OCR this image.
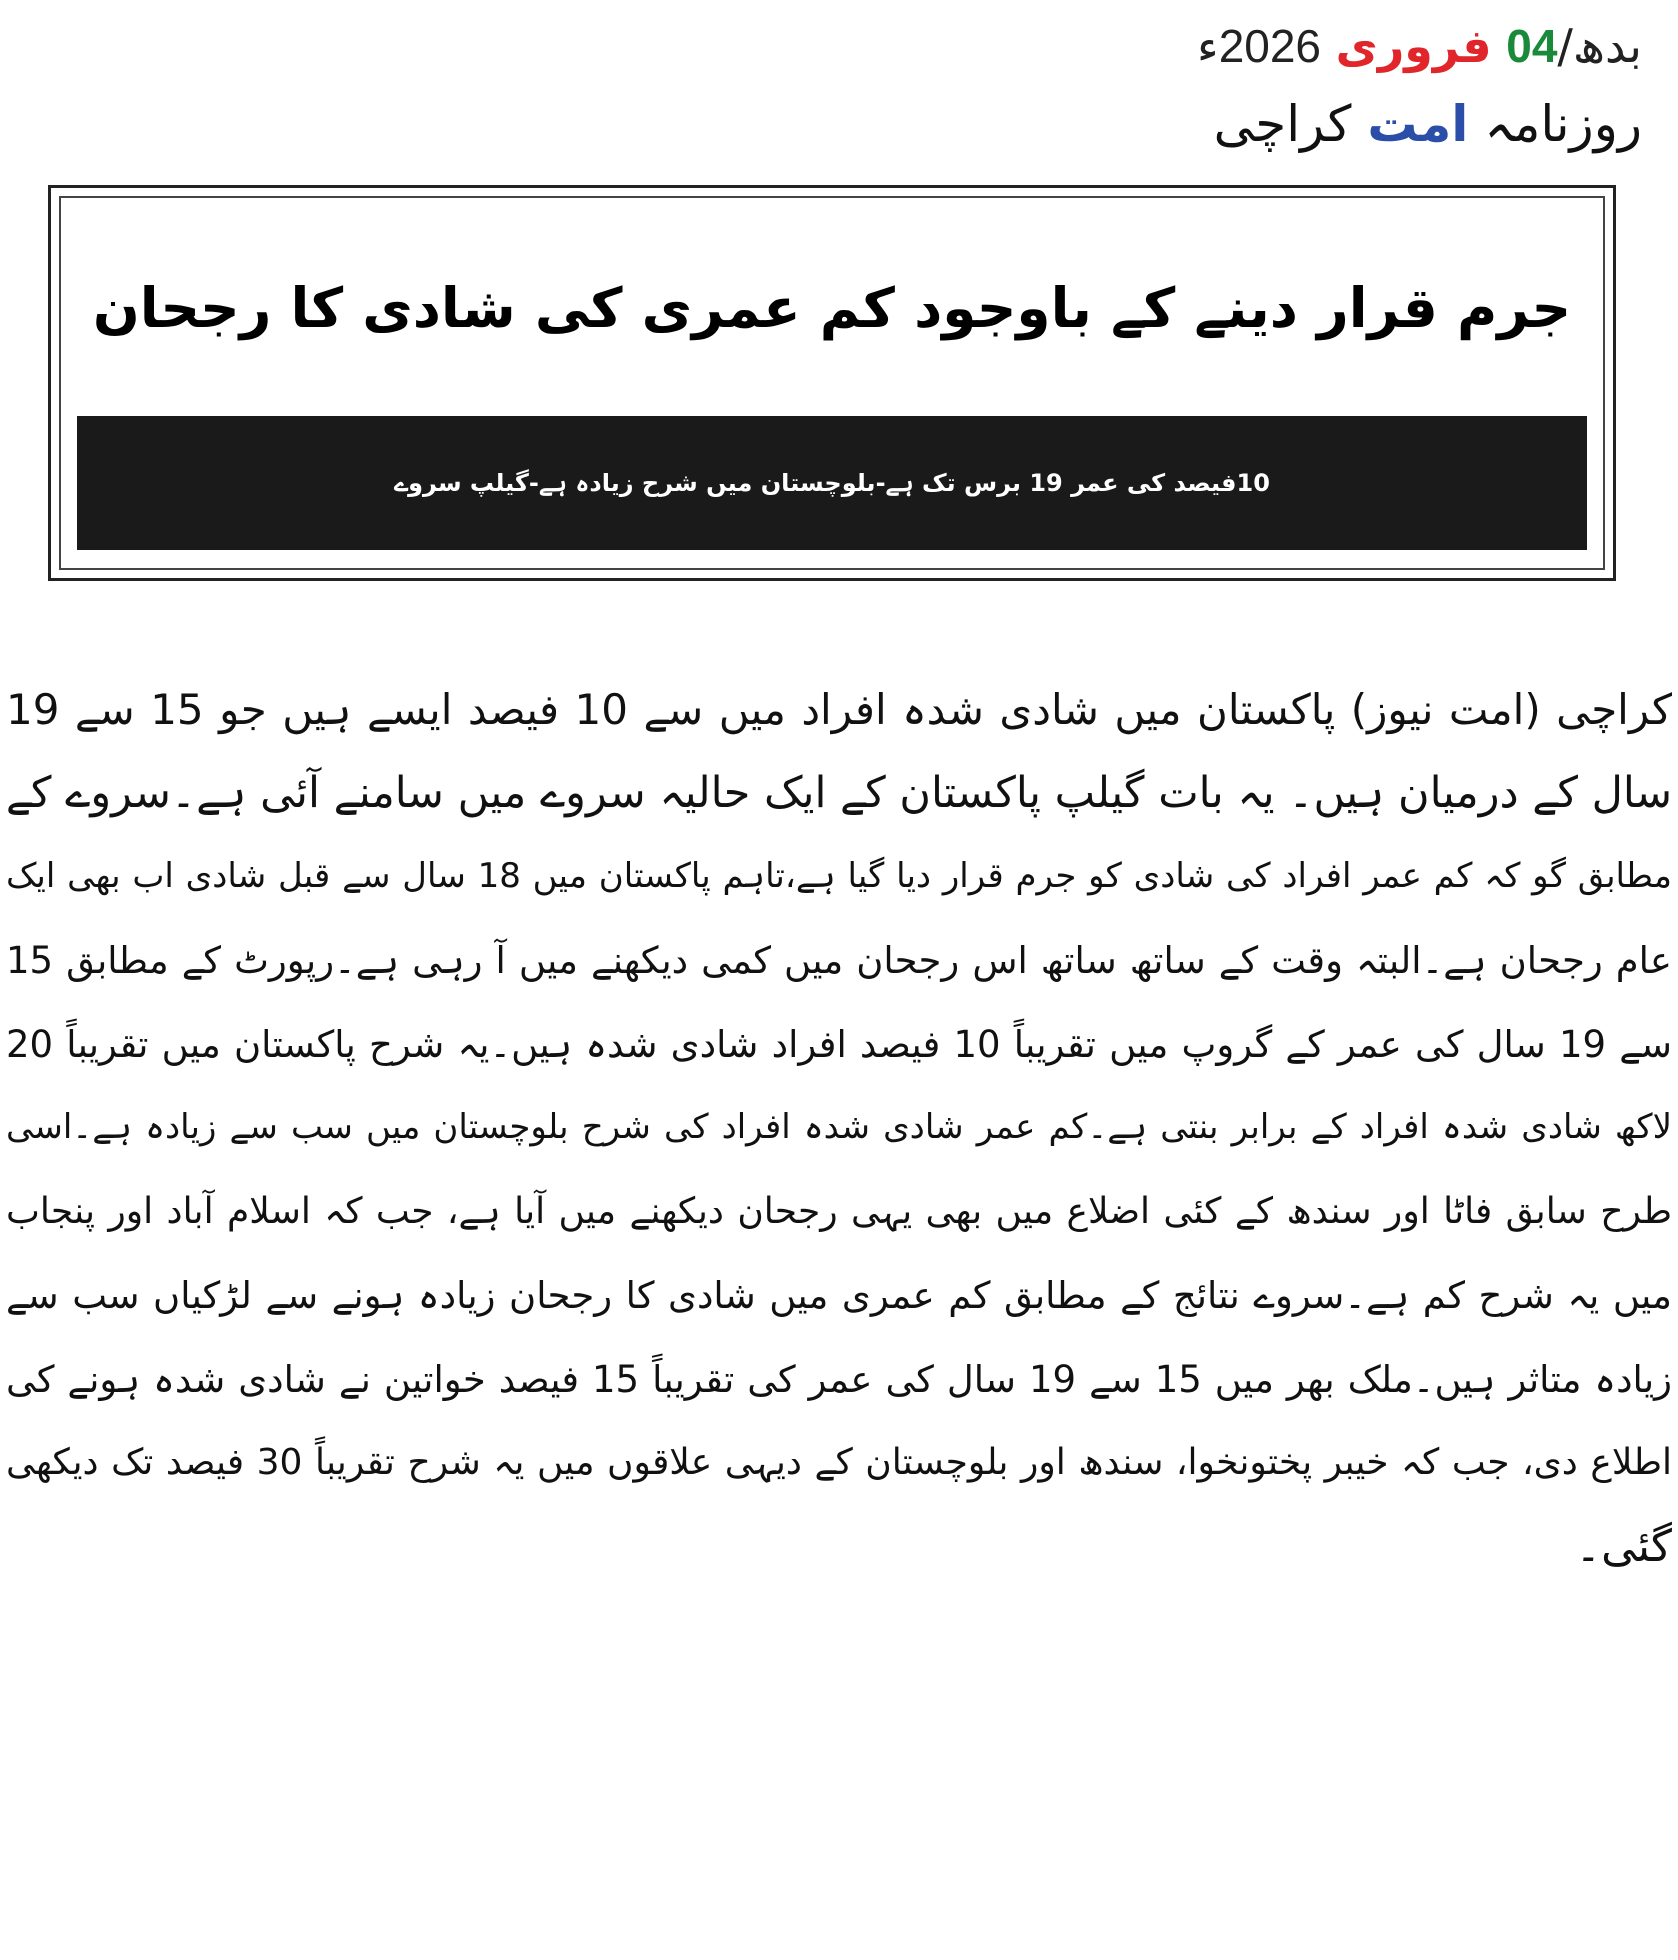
بدھ/04 فروری 2026ء
روزنامہ امت کراچی
جرم قرار دینے کے باوجود کم عمری کی شادی کا رجحان
10فیصد کی عمر 19 برس تک ہے-بلوچستان میں شرح زیادہ ہے-گیلپ سروے
کراچی (امت نیوز) پاکستان میں شادی شدہ افراد میں سے 10 فیصد ایسے ہیں جو 15 سے 19
سال کے درمیان ہیں۔ یہ بات گیلپ پاکستان کے ایک حالیہ سروے میں سامنے آئی ہے۔سروے کے
مطابق گو کہ کم عمر افراد کی شادی کو جرم قرار دیا گیا ہے،تاہم پاکستان میں 18 سال سے قبل شادی اب بھی ایک
عام رجحان ہے۔البتہ وقت کے ساتھ ساتھ اس رجحان میں کمی دیکھنے میں آ رہی ہے۔رپورٹ کے مطابق 15
سے 19 سال کی عمر کے گروپ میں تقریباً 10 فیصد افراد شادی شدہ ہیں۔یہ شرح پاکستان میں تقریباً 20
لاکھ شادی شدہ افراد کے برابر بنتی ہے۔کم عمر شادی شدہ افراد کی شرح بلوچستان میں سب سے زیادہ ہے۔اسی
طرح سابق فاٹا اور سندھ کے کئی اضلاع میں بھی یہی رجحان دیکھنے میں آیا ہے، جب کہ اسلام آباد اور پنجاب
میں یہ شرح کم ہے۔سروے نتائج کے مطابق کم عمری میں شادی کا رجحان زیادہ ہونے سے لڑکیاں سب سے
زیادہ متاثر ہیں۔ملک بھر میں 15 سے 19 سال کی عمر کی تقریباً 15 فیصد خواتین نے شادی شدہ ہونے کی
اطلاع دی، جب کہ خیبر پختونخوا، سندھ اور بلوچستان کے دیہی علاقوں میں یہ شرح تقریباً 30 فیصد تک دیکھی
گئی۔
